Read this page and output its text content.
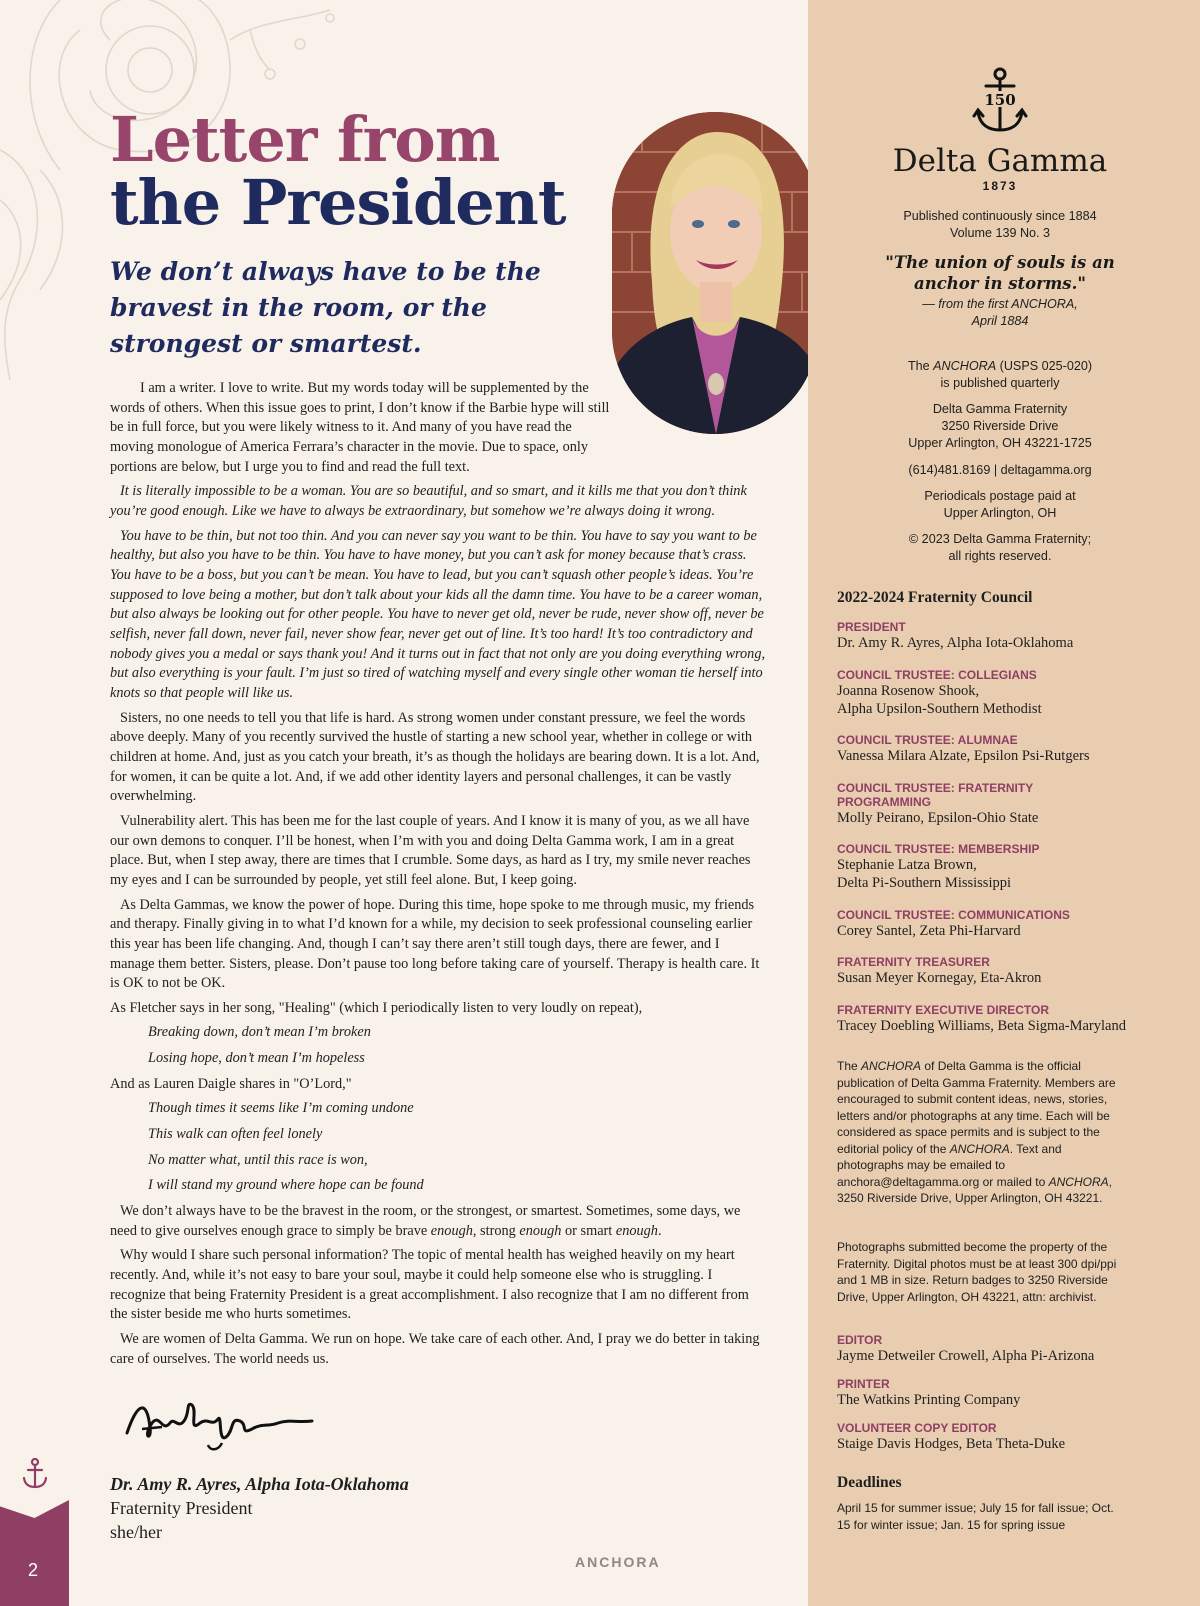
Letter from
the President
We don’t always have to be the bravest in the room, or the strongest or smartest.

I am a writer. I love to write. But my words today will be supplemented by the words of others. When this issue goes to print, I don’t know if the Barbie hype will still be in full force, but you were likely witness to it. And many of you have read the moving monologue of America Ferrara’s character in the movie. Due to space, only portions are below, but I urge you to find and read the full text.

It is literally impossible to be a woman. You are so beautiful, and so smart, and it kills me that you don’t think you’re good enough. Like we have to always be extraordinary, but somehow we’re always doing it wrong.

You have to be thin, but not too thin. And you can never say you want to be thin. You have to say you want to be healthy, but also you have to be thin. You have to have money, but you can’t ask for money because that’s crass. You have to be a boss, but you can’t be mean. You have to lead, but you can’t squash other people’s ideas. You’re supposed to love being a mother, but don’t talk about your kids all the damn time. You have to be a career woman, but also always be looking out for other people. You have to never get old, never be rude, never show off, never be selfish, never fall down, never fail, never show fear, never get out of line. It’s too hard! It’s too contradictory and nobody gives you a medal or says thank you! And it turns out in fact that not only are you doing everything wrong, but also everything is your fault. I’m just so tired of watching myself and every single other woman tie herself into knots so that people will like us.

Sisters, no one needs to tell you that life is hard. As strong women under constant pressure, we feel the words above deeply. Many of you recently survived the hustle of starting a new school year, whether in college or with children at home. And, just as you catch your breath, it’s as though the holidays are bearing down. It is a lot. And, for women, it can be quite a lot. And, if we add other identity layers and personal challenges, it can be vastly overwhelming.

Vulnerability alert. This has been me for the last couple of years. And I know it is many of you, as we all have our own demons to conquer. I’ll be honest, when I’m with you and doing Delta Gamma work, I am in a great place. But, when I step away, there are times that I crumble. Some days, as hard as I try, my smile never reaches my eyes and I can be surrounded by people, yet still feel alone. But, I keep going.

As Delta Gammas, we know the power of hope. During this time, hope spoke to me through music, my friends and therapy. Finally giving in to what I’d known for a while, my decision to seek professional counseling earlier this year has been life changing. And, though I can’t say there aren’t still tough days, there are fewer, and I manage them better. Sisters, please. Don’t pause too long before taking care of yourself. Therapy is health care. It is OK to not be OK.

As Fletcher says in her song, "Healing" (which I periodically listen to very loudly on repeat),

Breaking down, don’t mean I’m broken

Losing hope, don’t mean I’m hopeless

And as Lauren Daigle shares in "O’Lord,"

Though times it seems like I’m coming undone

This walk can often feel lonely

No matter what, until this race is won,

I will stand my ground where hope can be found

We don’t always have to be the bravest in the room, or the strongest, or smartest. Sometimes, some days, we need to give ourselves enough grace to simply be brave enough, strong enough or smart enough.

Why would I share such personal information? The topic of mental health has weighed heavily on my heart recently. And, while it’s not easy to bare your soul, maybe it could help someone else who is struggling. I recognize that being Fraternity President is a great accomplishment. I also recognize that I am no different from the sister beside me who hurts sometimes.

We are women of Delta Gamma. We run on hope. We take care of each other. And, I pray we do better in taking care of ourselves. The world needs us.

Dr. Amy R. Ayres, Alpha Iota-Oklahoma
Fraternity President
she/her
2	ANCHORA
150
Delta Gamma
1873

Published continuously since 1884

Volume 139 No. 3

"The union of souls is an anchor in storms."

— from the first ANCHORA,

April 1884

The ANCHORA (USPS 025-020)

is published quarterly

Delta Gamma Fraternity

3250 Riverside Drive

Upper Arlington, OH 43221-1725

(614)481.8169 | deltagamma.org

Periodicals postage paid at

Upper Arlington, OH

© 2023 Delta Gamma Fraternity;

all rights reserved.

2022-2024 Fraternity Council
PRESIDENT
Dr. Amy R. Ayres, Alpha Iota-Oklahoma
COUNCIL TRUSTEE: COLLEGIANS
Joanna Rosenow Shook,
Alpha Upsilon-Southern Methodist
COUNCIL TRUSTEE: ALUMNAE
Vanessa Milara Alzate, Epsilon Psi-Rutgers
COUNCIL TRUSTEE: FRATERNITY PROGRAMMING
Molly Peirano, Epsilon-Ohio State
COUNCIL TRUSTEE: MEMBERSHIP
Stephanie Latza Brown,
Delta Pi-Southern Mississippi
COUNCIL TRUSTEE: COMMUNICATIONS
Corey Santel, Zeta Phi-Harvard
FRATERNITY TREASURER
Susan Meyer Kornegay, Eta-Akron
FRATERNITY EXECUTIVE DIRECTOR
Tracey Doebling Williams, Beta Sigma-Maryland

The ANCHORA of Delta Gamma is the official publication of Delta Gamma Fraternity. Members are encouraged to submit content ideas, news, stories, letters and/or photographs at any time. Each will be considered as space permits and is subject to the editorial policy of the ANCHORA. Text and photographs may be emailed to anchora@deltagamma.org or mailed to ANCHORA, 3250 Riverside Drive, Upper Arlington, OH 43221.

Photographs submitted become the property of the Fraternity. Digital photos must be at least 300 dpi/ppi and 1 MB in size. Return badges to 3250 Riverside Drive, Upper Arlington, OH 43221, attn: archivist.

EDITOR
Jayme Detweiler Crowell, Alpha Pi-Arizona
PRINTER
The Watkins Printing Company
VOLUNTEER COPY EDITOR
Staige Davis Hodges, Beta Theta-Duke
Deadlines

April 15 for summer issue; July 15 for fall issue; Oct. 15 for winter issue; Jan. 15 for spring issue
